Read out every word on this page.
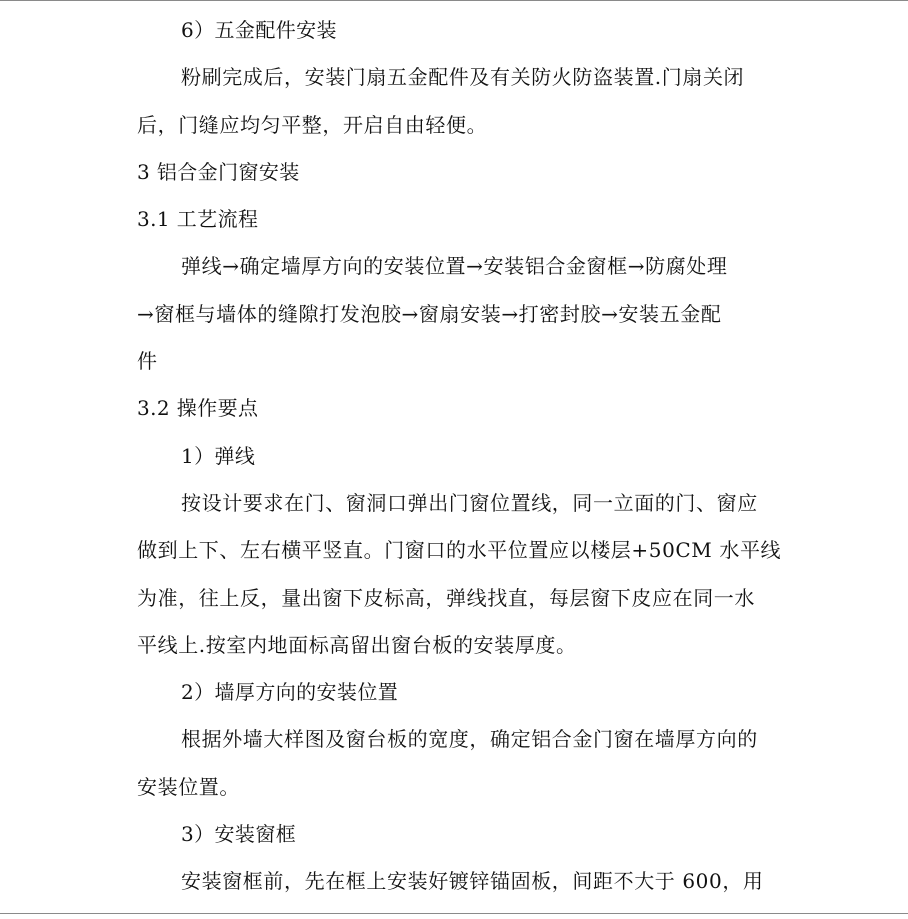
6）五金配件安装
粉刷完成后，安装门扇五金配件及有关防火防盗装置.门扇关闭
后，门缝应均匀平整，开启自由轻便。
3 铝合金门窗安装
3.1 工艺流程
弹线→确定墙厚方向的安装位置→安装铝合金窗框→防腐处理
→窗框与墙体的缝隙打发泡胶→窗扇安装→打密封胶→安装五金配
件
3.2 操作要点
1）弹线
按设计要求在门、窗洞口弹出门窗位置线，同一立面的门、窗应
做到上下、左右横平竖直。门窗口的水平位置应以楼层+50CM 水平线
为准，往上反，量出窗下皮标高，弹线找直，每层窗下皮应在同一水
平线上.按室内地面标高留出窗台板的安装厚度。
2）墙厚方向的安装位置
根据外墙大样图及窗台板的宽度，确定铝合金门窗在墙厚方向的
安装位置。
3）安装窗框
安装窗框前，先在框上安装好镀锌锚固板，间距不大于 600，用
